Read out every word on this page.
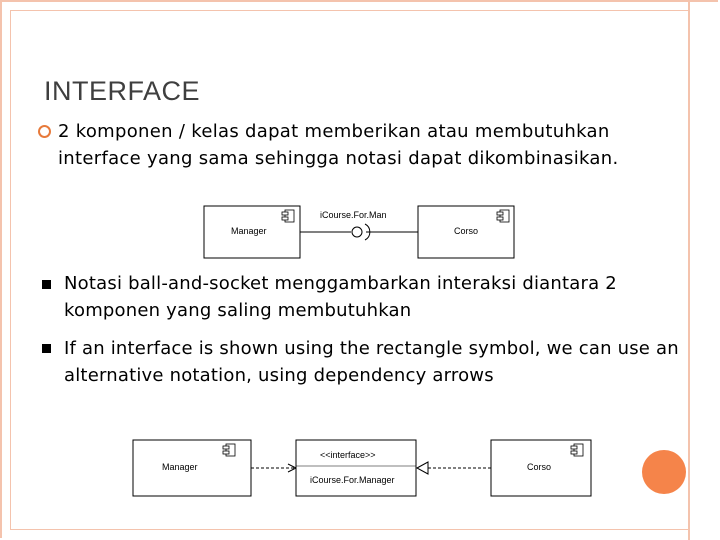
INTERFACE
2 komponen / kelas dapat memberikan atau membutuhkan interface yang sama sehingga notasi dapat dikombinasikan.
Manager
iCourse.For.Man
Corso
Notasi ball-and-socket menggambarkan interaksi diantara 2 komponen yang saling membutuhkan
If an interface is shown using the rectangle symbol, we can use an alternative notation, using dependency arrows
Manager
<<interface>>
iCourse.For.Manager
Corso
